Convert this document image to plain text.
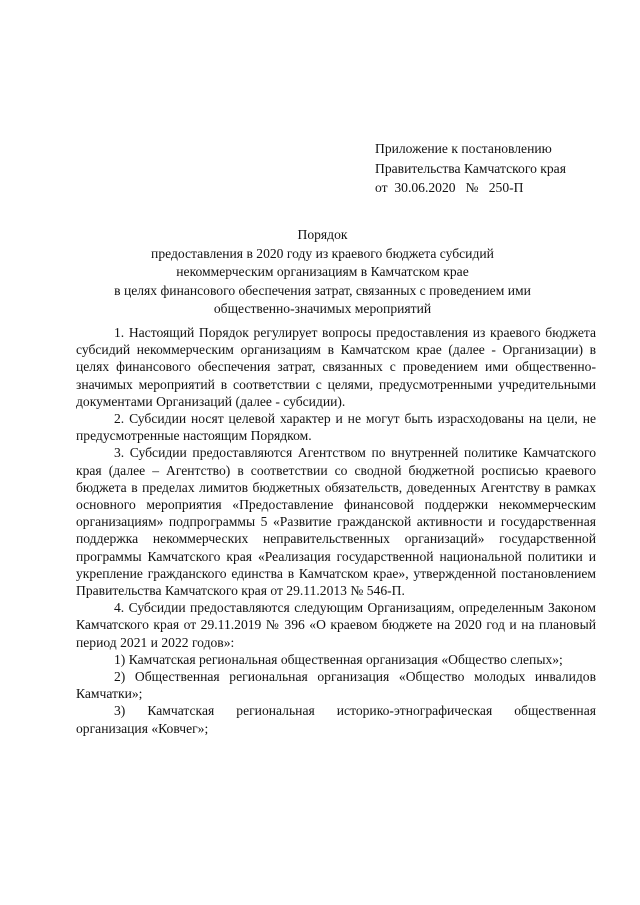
Приложение к постановлению
Правительства Камчатского края
от 30.06.2020 № 250-П
Порядок
предоставления в 2020 году из краевого бюджета субсидий
некоммерческим организациям в Камчатском крае
в целях финансового обеспечения затрат, связанных с проведением ими
общественно-значимых мероприятий

1. Настоящий Порядок регулирует вопросы предоставления из краевого бюджета субсидий некоммерческим организациям в Камчатском крае (далее - Организации) в целях финансового обеспечения затрат, связанных с проведением ими общественно-значимых мероприятий в соответствии с целями, предусмотренными учредительными документами Организаций (далее - субсидии).

2. Субсидии носят целевой характер и не могут быть израсходованы на цели, не предусмотренные настоящим Порядком.

3. Субсидии предоставляются Агентством по внутренней политике Камчатского края (далее – Агентство) в соответствии со сводной бюджетной росписью краевого бюджета в пределах лимитов бюджетных обязательств, доведенных Агентству в рамках основного мероприятия «Предоставление финансовой поддержки некоммерческим организациям» подпрограммы 5 «Развитие гражданской активности и государственная поддержка некоммерческих неправительственных организаций» государственной программы Камчатского края «Реализация государственной национальной политики и укрепление гражданского единства в Камчатском крае», утвержденной постановлением Правительства Камчатского края от 29.11.2013 № 546-П.

4. Субсидии предоставляются следующим Организациям, определенным Законом Камчатского края от 29.11.2019 № 396 «О краевом бюджете на 2020 год и на плановый период 2021 и 2022 годов»:

1) Камчатская региональная общественная организация «Общество слепых»;

2) Общественная региональная организация «Общество молодых инвалидов Камчатки»;

3) Камчатская региональная историко-этнографическая общественная организация «Ковчег»;
